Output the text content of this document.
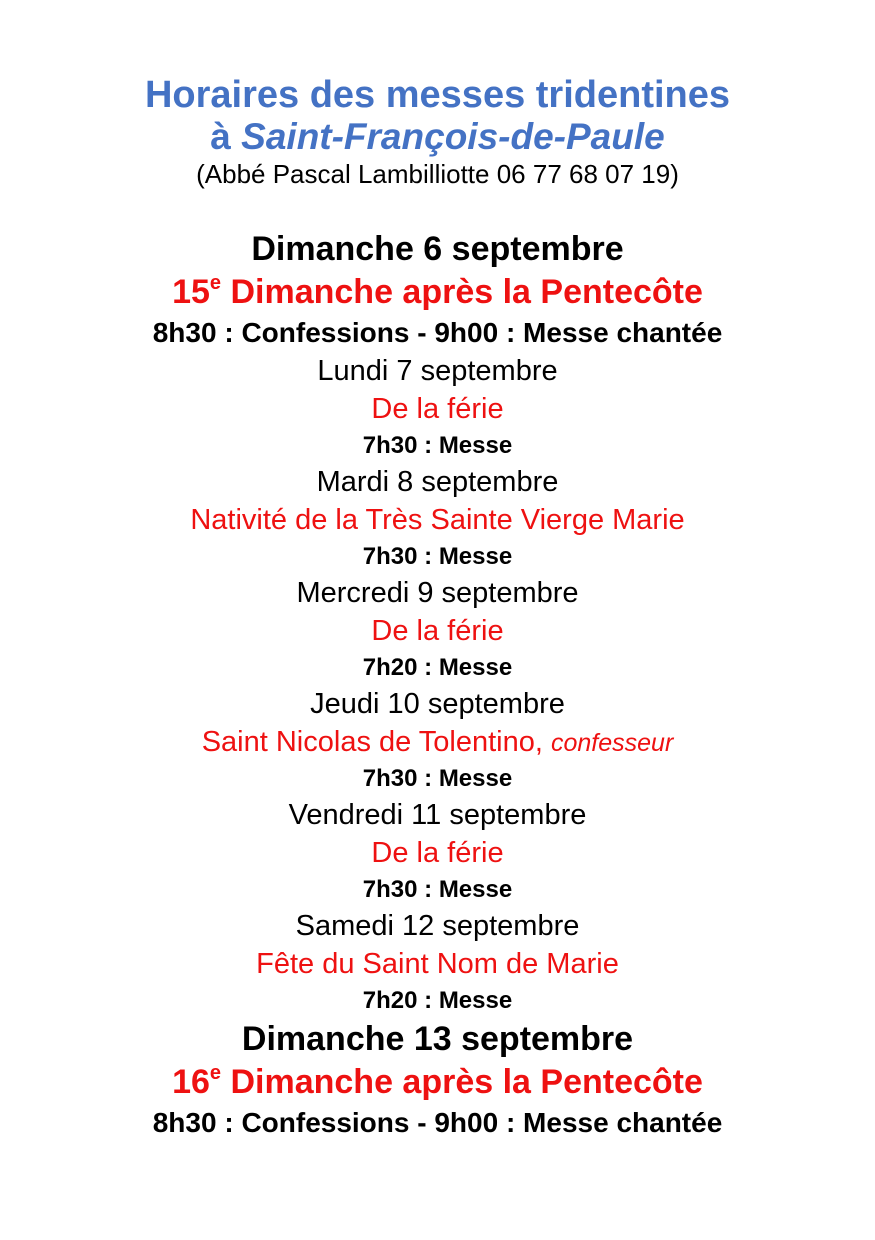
Horaires des messes tridentines
à Saint-François-de-Paule
(Abbé Pascal Lambilliotte 06 77 68 07 19)
Dimanche 6 septembre
15e Dimanche après la Pentecôte
8h30 : Confessions - 9h00 : Messe chantée
Lundi 7 septembre
De la férie
7h30 : Messe
Mardi 8 septembre
Nativité de la Très Sainte Vierge Marie
7h30 : Messe
Mercredi 9 septembre
De la férie
7h20 : Messe
Jeudi 10 septembre
Saint Nicolas de Tolentino, confesseur
7h30 : Messe
Vendredi 11 septembre
De la férie
7h30 : Messe
Samedi 12 septembre
Fête du Saint Nom de Marie
7h20 : Messe
Dimanche 13 septembre
16e Dimanche après la Pentecôte
8h30 : Confessions - 9h00 : Messe chantée
